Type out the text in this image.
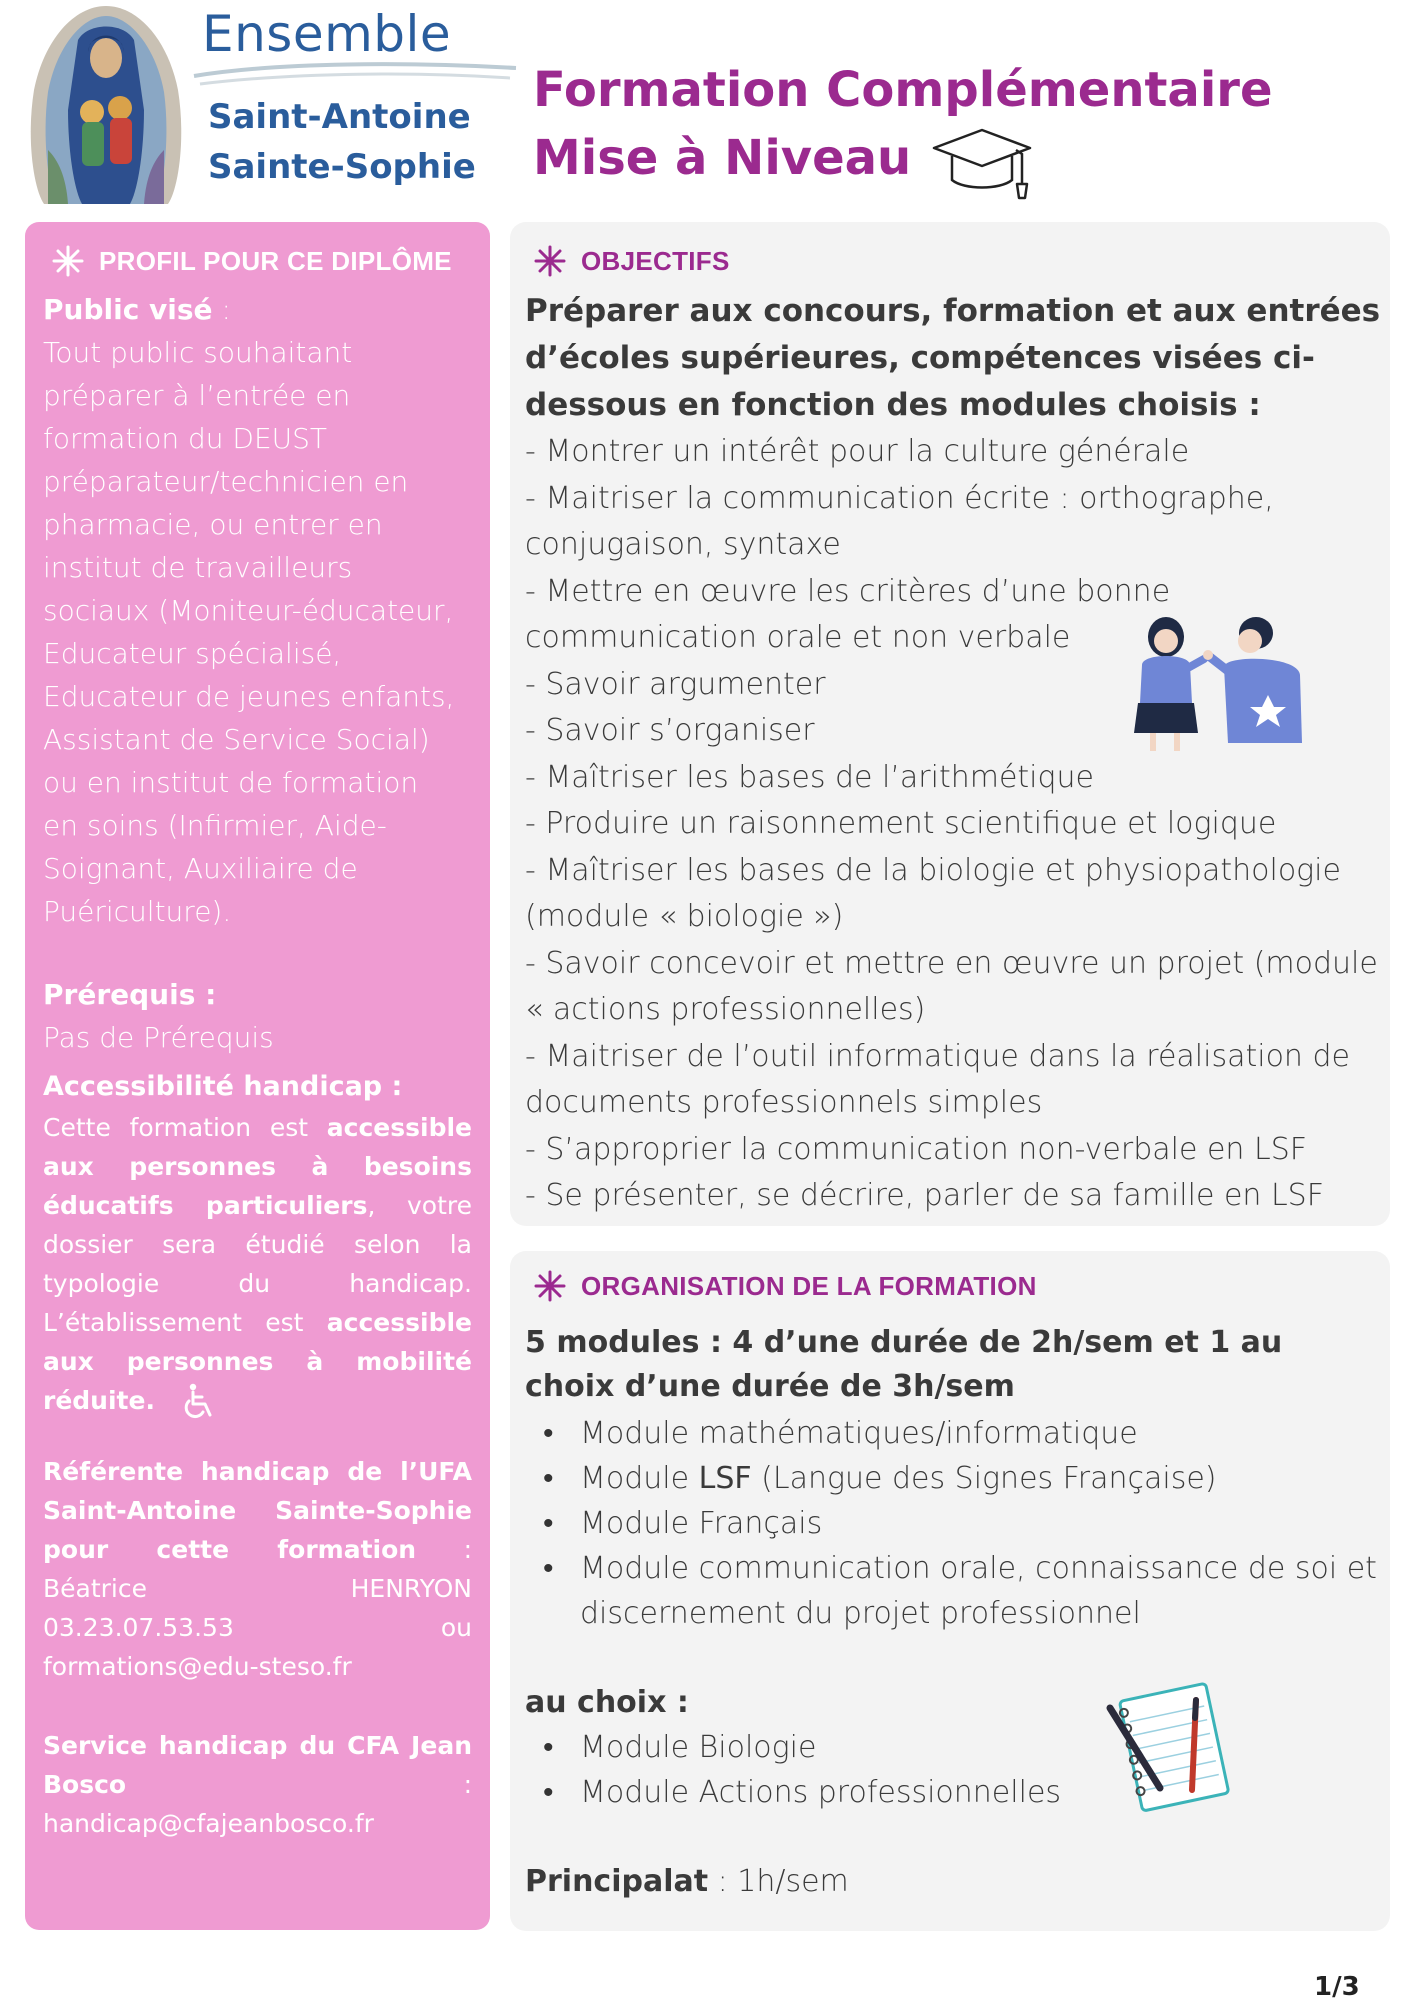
Ensemble
Saint-Antoine
Sainte-Sophie
Formation Complémentaire
Mise à Niveau
PROFIL POUR CE DIPLÔME
Public visé :
Tout public souhaitant
préparer à l’entrée en
formation du DEUST
préparateur/technicien en
pharmacie, ou entrer en
institut de travailleurs
sociaux (Moniteur-éducateur,
Educateur spécialisé,
Educateur de jeunes enfants,
Assistant de Service Social)
ou en institut de formation
en soins (Infirmier, Aide-
Soignant, Auxiliaire de
Puériculture).
Prérequis :
Pas de Prérequis
Accessibilité handicap :
Cette formation est accessible
aux personnes à besoins
éducatifs particuliers, votre
dossier sera étudié selon la
typologie du handicap.
L’établissement est accessible
aux personnes à mobilité
réduite.
Référente handicap de l’UFA
Saint-Antoine Sainte-Sophie
pour cette formation :
Béatrice HENRYON
03.23.07.53.53 ou
formations@edu-steso.fr
Service handicap du CFA Jean
Bosco :
handicap@cfajeanbosco.fr
OBJECTIFS
Préparer aux concours, formation et aux entrées d’écoles supérieures, compétences visées ci-dessous en fonction des modules choisis :
- Montrer un intérêt pour la culture générale
- Maitriser la communication écrite : orthographe,
conjugaison, syntaxe
- Mettre en œuvre les critères d’une bonne
communication orale et non verbale
- Savoir argumenter
- Savoir s’organiser
- Maîtriser les bases de l’arithmétique
- Produire un raisonnement scientifique et logique
- Maîtriser les bases de la biologie et physiopathologie
(module « biologie »)
- Savoir concevoir et mettre en œuvre un projet (module
« actions professionnelles)
- Maitriser de l’outil informatique dans la réalisation de
documents professionnels simples
- S’approprier la communication non-verbale en LSF
- Se présenter, se décrire, parler de sa famille en LSF
ORGANISATION DE LA FORMATION
5 modules : 4 d’une durée de 2h/sem et 1 au choix d’une durée de 3h/sem
• Module mathématiques/informatique
• Module LSF (Langue des Signes Française)
• Module Français
• Module communication orale, connaissance de soi et
discernement du projet professionnel
au choix :
• Module Biologie
• Module Actions professionnelles
Principalat : 1h/sem
1/3
